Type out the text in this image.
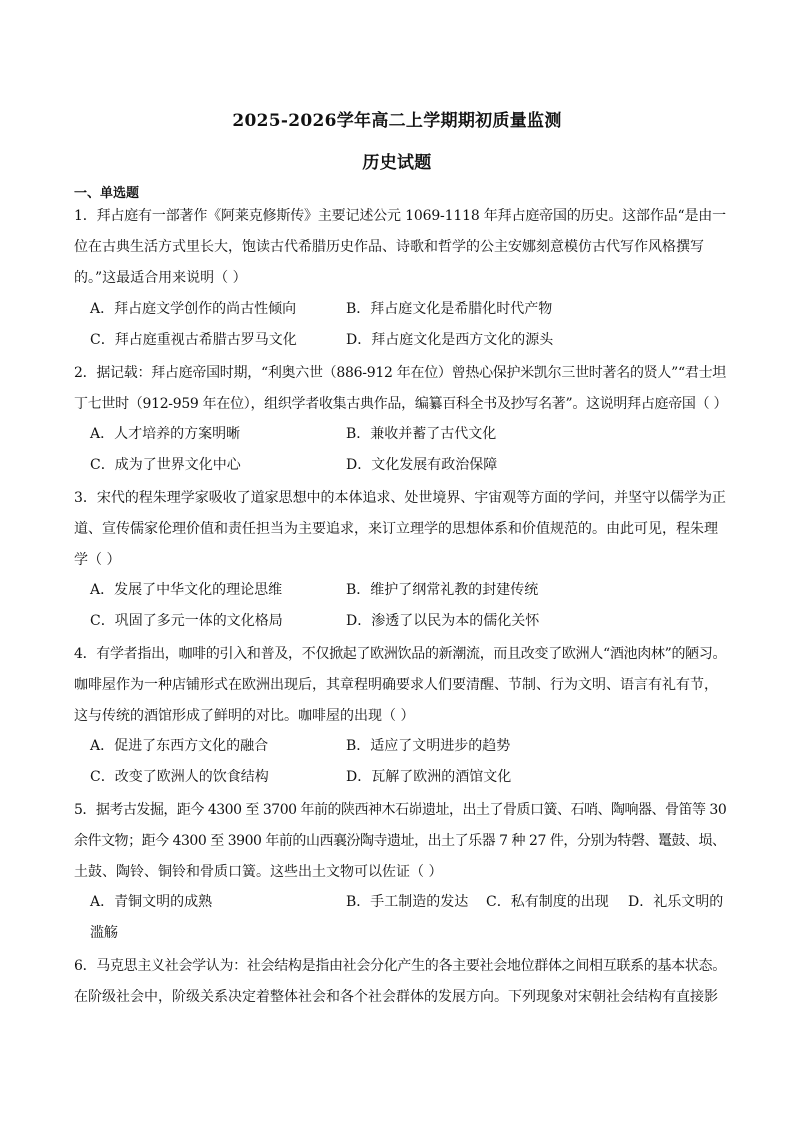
2025-2026学年高二上学期期初质量监测
历史试题
一、单选题
1．拜占庭有一部著作《阿莱克修斯传》主要记述公元 1069-1118 年拜占庭帝国的历史。这部作品“是由一
位在古典生活方式里长大，饱读古代希腊历史作品、诗歌和哲学的公主安娜刻意模仿古代写作风格撰写
的。”这最适合用来说明（ ）
A．拜占庭文学创作的尚古性倾向	B．拜占庭文化是希腊化时代产物
C．拜占庭重视古希腊古罗马文化	D．拜占庭文化是西方文化的源头
2．据记载：拜占庭帝国时期，“利奥六世（886-912 年在位）曾热心保护米凯尔三世时著名的贤人”“君士坦
丁七世时（912-959 年在位），组织学者收集古典作品，编纂百科全书及抄写名著”。这说明拜占庭帝国（ ）
A．人才培养的方案明晰	B．兼收并蓄了古代文化
C．成为了世界文化中心	D．文化发展有政治保障
3．宋代的程朱理学家吸收了道家思想中的本体追求、处世境界、宇宙观等方面的学问，并坚守以儒学为正
道、宣传儒家伦理价值和责任担当为主要追求，来订立理学的思想体系和价值规范的。由此可见，程朱理
学（ ）
A．发展了中华文化的理论思维	B．维护了纲常礼教的封建传统
C．巩固了多元一体的文化格局	D．渗透了以民为本的儒化关怀
4．有学者指出，咖啡的引入和普及，不仅掀起了欧洲饮品的新潮流，而且改变了欧洲人“酒池肉林”的陋习。
咖啡屋作为一种店铺形式在欧洲出现后，其章程明确要求人们要清醒、节制、行为文明、语言有礼有节，
这与传统的酒馆形成了鲜明的对比。咖啡屋的出现（ ）
A．促进了东西方文化的融合	B．适应了文明进步的趋势
C．改变了欧洲人的饮食结构	D．瓦解了欧洲的酒馆文化
5．据考古发掘，距今 4300 至 3700 年前的陕西神木石峁遗址，出土了骨质口簧、石哨、陶响器、骨笛等 30
余件文物；距今 4300 至 3900 年前的山西襄汾陶寺遗址，出土了乐器 7 种 27 件，分别为特磬、鼍鼓、埙、
土鼓、陶铃、铜铃和骨质口簧。这些出土文物可以佐证（ ）
A．青铜文明的成熟	B．手工制造的发达 C．私有制度的出现 D．礼乐文明的
滥觞
6．马克思主义社会学认为：社会结构是指由社会分化产生的各主要社会地位群体之间相互联系的基本状态。
在阶级社会中，阶级关系决定着整体社会和各个社会群体的发展方向。下列现象对宋朝社会结构有直接影
